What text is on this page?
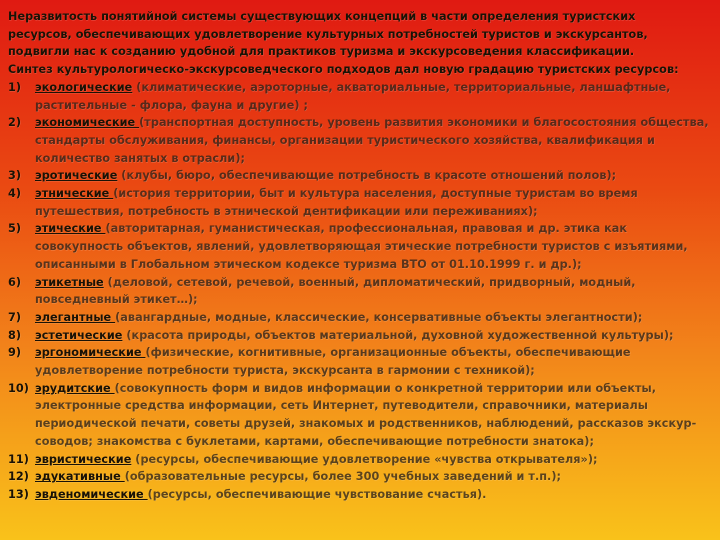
Неразвитость понятийной системы существующих концепций в части определения туристских

ресурсов, обеспечивающих удовлетворение культурных потребностей туристов и экскурсантов,

подвигли нас к созданию удобной для практиков туризма и экскурсоведения классификации.

Синтез культурологическо-экскурсоведческого подходов дал новую градацию туристских ресурсов:

1)	экологические (климатические, аэроторные, акваториальные, территориальные, ланшафтные, растительные - флора, фауна и другие) ;
2)	экономические (транспортная доступность, уровень развития экономики и благосостояния общества, стандарты обслуживания, финансы, организации туристического хозяйства, квалификация и количество занятых в отрасли);
3)	эротические (клубы, бюро, обеспечивающие потребность в красоте отношений полов);
4)	этнические (история территории, быт и культура населения, доступные туристам во время путешествия, потребность в этнической дентификации или переживаниях);
5)	этические (авторитарная, гуманистическая, профессиональная, правовая и др. этика как совокупность объектов, явлений, удовлетворяющая этические потребности туристов с изъятиями, описанными в Глобальном этическом кодексе туризма ВТО от 01.10.1999 г. и др.);
6)	этикетные (деловой, сетевой, речевой, военный, дипломатический, придворный, модный, повседневный этикет…);
7)	элегантные (авангардные, модные, классические, консервативные объекты элегантности);
8)	эстетические (красота природы, объектов материальной, духовной художественной культуры);
9)	эргономические (физические, когнитивные, организационные объекты, обеспечивающие удовлетворение потребности туриста, экскурсанта в гармонии с техникой);
10) эрудитские (совокупность форм и видов информации о конкретной территории или объекты, электронные средства информации, сеть Интернет, путеводители, справочники, материалы периодической печати, советы друзей, знакомых и родственников, наблюдений, рассказов экскур-соводов; знакомства с буклетами, картами, обеспечивающие потребности знатока);
11) эвристические (ресурсы, обеспечивающие удовлетворение «чувства открывателя»);
12) эдукативные (образовательные ресурсы, более 300 учебных заведений и т.п.);
13) эвденомические (ресурсы, обеспечивающие чувствование счастья).
